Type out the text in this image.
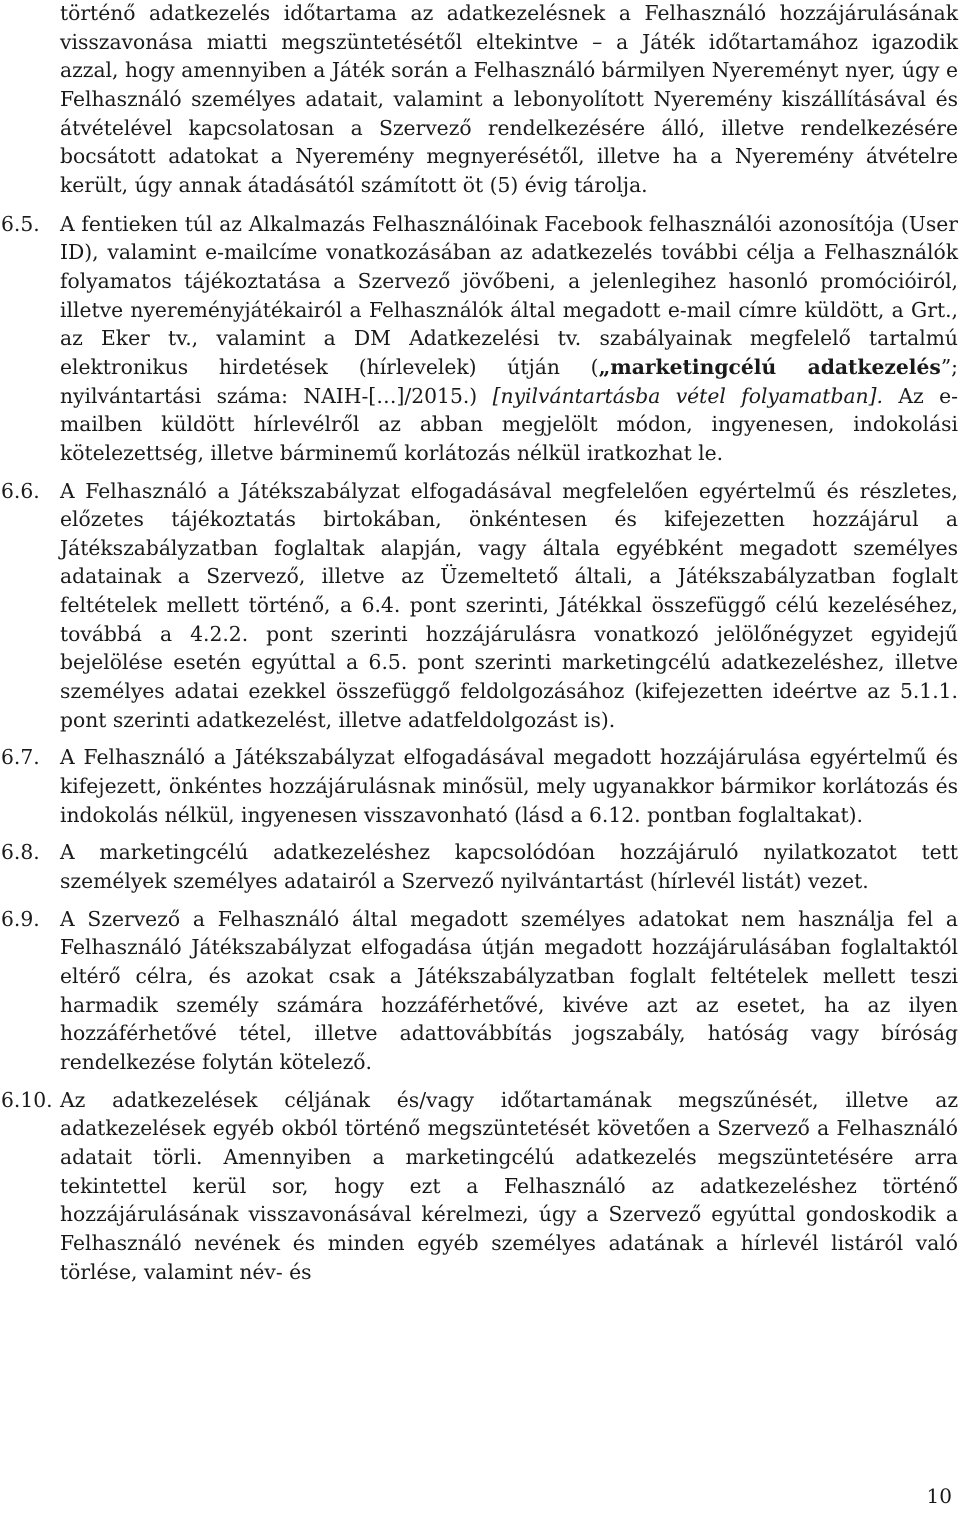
történő adatkezelés időtartama az adatkezelésnek a Felhasználó hozzájárulásának visszavonása miatti megszüntetésétől eltekintve – a Játék időtartamához igazodik azzal, hogy amennyiben a Játék során a Felhasználó bármilyen Nyereményt nyer, úgy e Felhasználó személyes adatait, valamint a lebonyolított Nyeremény kiszállításával és átvételével kapcsolatosan a Szervező rendelkezésére álló, illetve rendelkezésére bocsátott adatokat a Nyeremény megnyerésétől, illetve ha a Nyeremény átvételre került, úgy annak átadásától számított öt (5) évig tárolja.
6.5. A fentieken túl az Alkalmazás Felhasználóinak Facebook felhasználói azonosítója (User ID), valamint e-mailcíme vonatkozásában az adatkezelés további célja a Felhasználók folyamatos tájékoztatása a Szervező jövőbeni, a jelenlegihez hasonló promócióiról, illetve nyereményjátékairól a Felhasználók által megadott e-mail címre küldött, a Grt., az Eker tv., valamint a DM Adatkezelési tv. szabályainak megfelelő tartalmú elektronikus hirdetések (hírlevelek) útján („marketingcélú adatkezelés”; nyilvántartási száma: NAIH-[…]/2015.) [nyilvántartásba vétel folyamatban]. Az e-mailben küldött hírlevélről az abban megjelölt módon, ingyenesen, indokolási kötelezettség, illetve bárminemű korlátozás nélkül iratkozhat le.
6.6. A Felhasználó a Játékszabályzat elfogadásával megfelelően egyértelmű és részletes, előzetes tájékoztatás birtokában, önkéntesen és kifejezetten hozzájárul a Játékszabályzatban foglaltak alapján, vagy általa egyébként megadott személyes adatainak a Szervező, illetve az Üzemeltető általi, a Játékszabályzatban foglalt feltételek mellett történő, a 6.4. pont szerinti, Játékkal összefüggő célú kezeléséhez, továbbá a 4.2.2. pont szerinti hozzájárulásra vonatkozó jelölőnégyzet egyidejű bejelölése esetén egyúttal a 6.5. pont szerinti marketingcélú adatkezeléshez, illetve személyes adatai ezekkel összefüggő feldolgozásához (kifejezetten ideértve az 5.1.1. pont szerinti adatkezelést, illetve adatfeldolgozást is).
6.7. A Felhasználó a Játékszabályzat elfogadásával megadott hozzájárulása egyértelmű és kifejezett, önkéntes hozzájárulásnak minősül, mely ugyanakkor bármikor korlátozás és indokolás nélkül, ingyenesen visszavonható (lásd a 6.12. pontban foglaltakat).
6.8. A marketingcélú adatkezeléshez kapcsolódóan hozzájáruló nyilatkozatot tett személyek személyes adatairól a Szervező nyilvántartást (hírlevél listát) vezet.
6.9. A Szervező a Felhasználó által megadott személyes adatokat nem használja fel a Felhasználó Játékszabályzat elfogadása útján megadott hozzájárulásában foglaltaktól eltérő célra, és azokat csak a Játékszabályzatban foglalt feltételek mellett teszi harmadik személy számára hozzáférhetővé, kivéve azt az esetet, ha az ilyen hozzáférhetővé tétel, illetve adattovábbítás jogszabály, hatóság vagy bíróság rendelkezése folytán kötelező.
6.10. Az adatkezelések céljának és/vagy időtartamának megszűnését, illetve az adatkezelések egyéb okból történő megszüntetését követően a Szervező a Felhasználó adatait törli. Amennyiben a marketingcélú adatkezelés megszüntetésére arra tekintettel kerül sor, hogy ezt a Felhasználó az adatkezeléshez történő hozzájárulásának visszavonásával kérelmezi, úgy a Szervező egyúttal gondoskodik a Felhasználó nevének és minden egyéb személyes adatának a hírlevél listáról való törlése, valamint név- és
10
